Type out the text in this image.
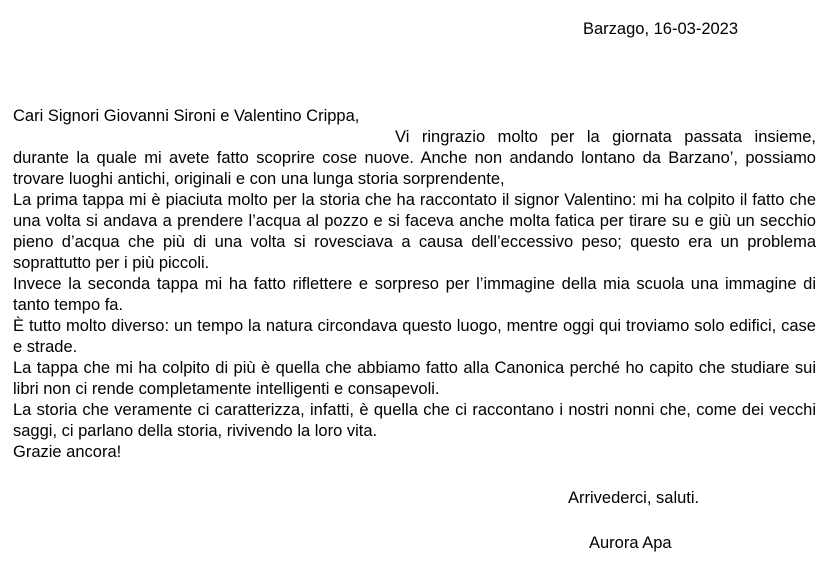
Barzago, 16-03-2023

Cari Signori Giovanni Sironi e Valentino Crippa,

Vi ringrazio molto per la giornata passata insieme, durante la quale mi avete fatto scoprire cose nuove. Anche non andando lontano da Barzano’, possiamo trovare luoghi antichi, originali e con una lunga storia sorprendente,

La prima tappa mi è piaciuta molto per la storia che ha raccontato il signor Valentino: mi ha colpito il fatto che una volta si andava a prendere l’acqua al pozzo e si faceva anche molta fatica per tirare su e giù un secchio pieno d’acqua che più di una volta si rovesciava a causa dell’eccessivo peso; questo era un problema soprattutto per i più piccoli.

Invece la seconda tappa mi ha fatto riflettere e sorpreso per l’immagine della mia scuola una immagine di tanto tempo fa.

È tutto molto diverso: un tempo la natura circondava questo luogo, mentre oggi qui troviamo solo edifici, case e strade.

La tappa che mi ha colpito di più è quella che abbiamo fatto alla Canonica perché ho capito che studiare sui libri non ci rende completamente intelligenti e consapevoli.

La storia che veramente ci caratterizza, infatti, è quella che ci raccontano i nostri nonni che, come dei vecchi saggi, ci parlano della storia, rivivendo la loro vita.

Grazie ancora!

Arrivederci, saluti.
Aurora Apa
